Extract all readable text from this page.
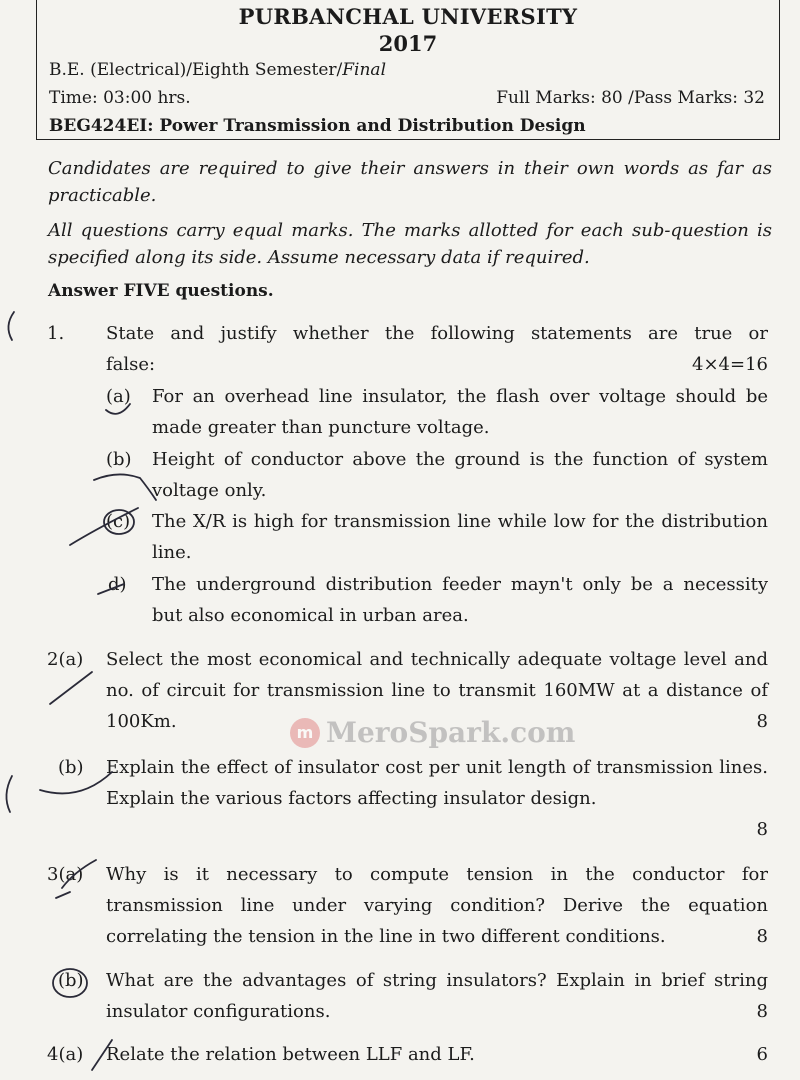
PURBANCHAL UNIVERSITY
2017
B.E. (Electrical)/Eighth Semester/Final
Time: 03:00 hrs.	Full Marks: 80 /Pass Marks: 32
BEG424EI: Power Transmission and Distribution Design
Candidates are required to give their answers in their own words as far as practicable.
All questions carry equal marks. The marks allotted for each sub-question is specified along its side. Assume necessary data if required.
Answer FIVE questions.
1. State and justify whether the following statements are true or
false:	4×4=16
(a) For an overhead line insulator, the flash over voltage should be made greater than puncture voltage.
(b) Height of conductor above the ground is the function of system voltage only.
(c) The X/R is high for transmission line while low for the distribution line.
d) The underground distribution feeder mayn't only be a necessity but also economical in urban area.
2(a) Select the most economical and technically adequate voltage level and no. of circuit for transmission line to transmit 160MW at a distance of 100Km.	8
(b) Explain the effect of insulator cost per unit length of transmission lines. Explain the various factors affecting insulator design.
8
3(a) Why is it necessary to compute tension in the conductor for transmission line under varying condition? Derive the equation correlating the tension in the line in two different conditions.	8
(b) What are the advantages of string insulators? Explain in brief string insulator configurations.	8
4(a) Relate the relation between LLF and LF.	6
m MeroSpark.com
